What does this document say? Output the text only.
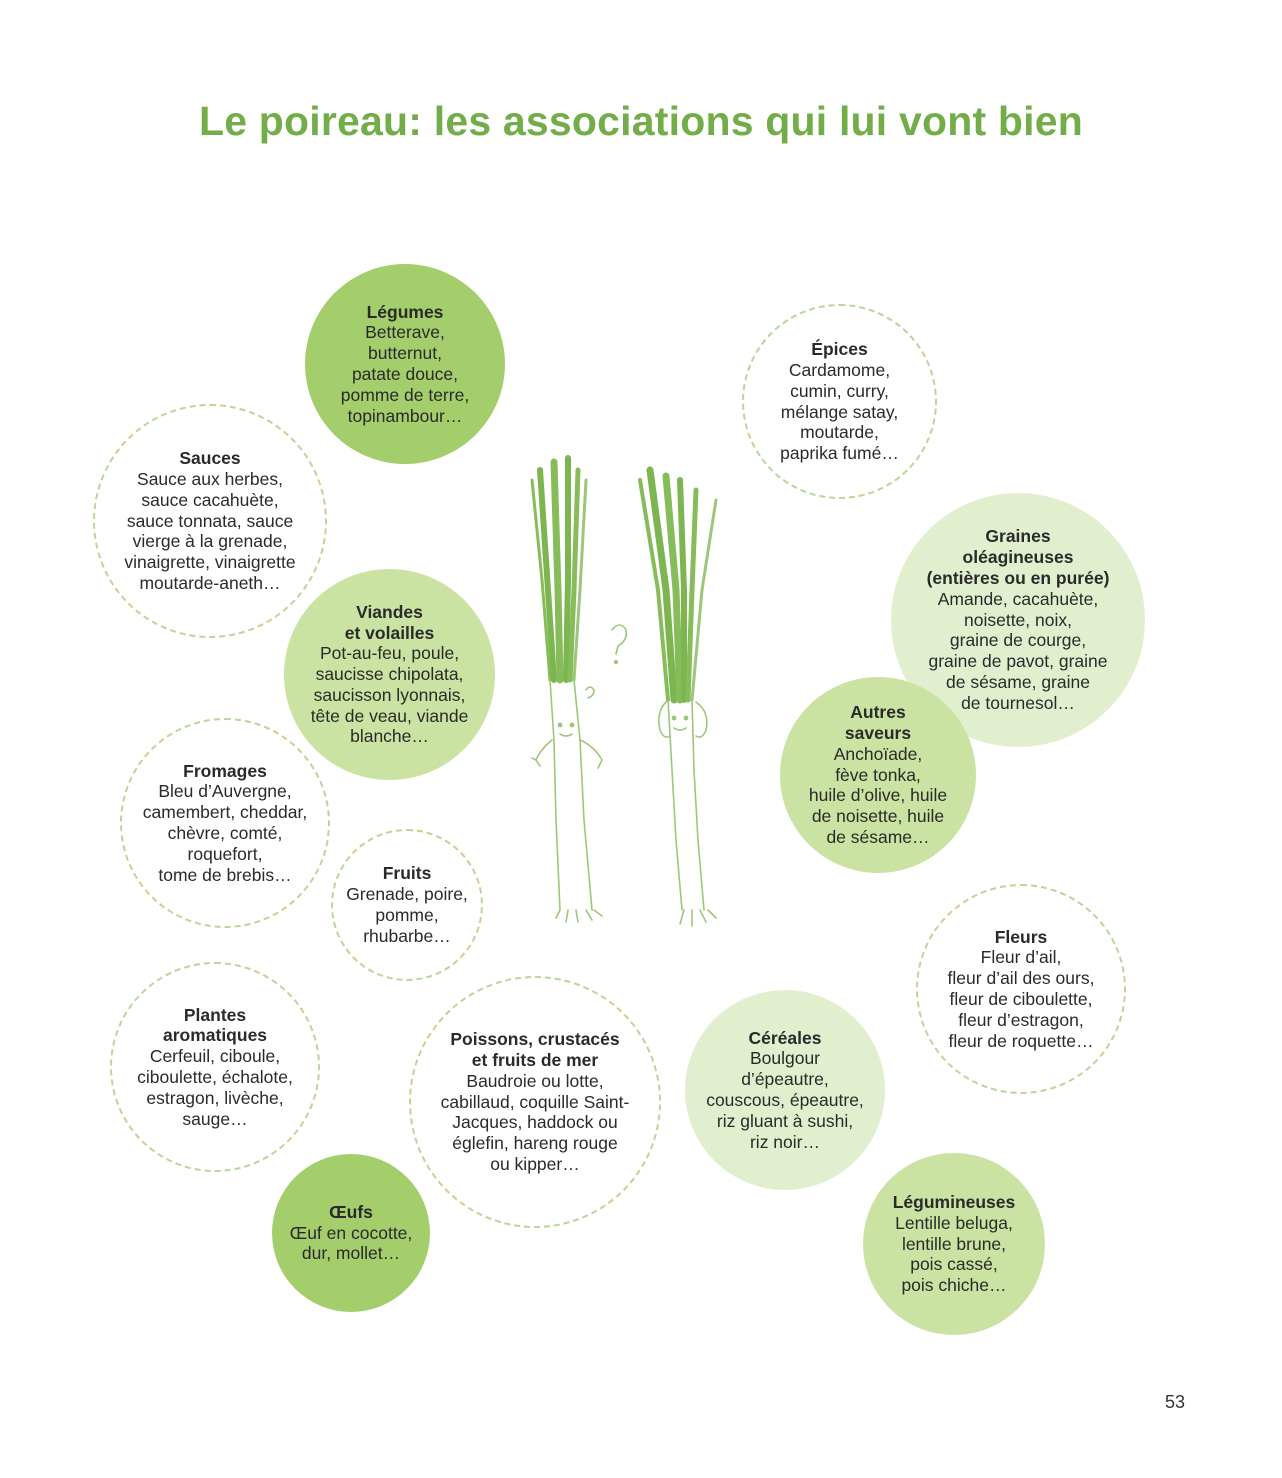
Le poireau: les associations qui lui vont bien
Légumes
Betterave,
butternut,
patate douce,
pomme de terre,
topinambour…
Épices
Cardamome,
cumin, curry,
mélange satay,
moutarde,
paprika fumé…
Sauces
Sauce aux herbes,
sauce cacahuète,
sauce tonnata, sauce
vierge à la grenade,
vinaigrette, vinaigrette
moutarde-aneth…
Graines
oléagineuses
(entières ou en purée)
Amande, cacahuète,
noisette, noix,
graine de courge,
graine de pavot, graine
de sésame, graine
de tournesol…
Viandes
et volailles
Pot-au-feu, poule,
saucisse chipolata,
saucisson lyonnais,
tête de veau, viande
blanche…
Autres
saveurs
Anchoïade,
fève tonka,
huile d’olive, huile
de noisette, huile
de sésame…
Fromages
Bleu d’Auvergne,
camembert, cheddar,
chèvre, comté,
roquefort,
tome de brebis…	Fruits
Grenade, poire,
pomme,
rhubarbe…	Fleurs
Fleur d’ail,
fleur d’ail des ours,
fleur de ciboulette,
fleur d’estragon,
fleur de roquette…
Plantes
aromatiques
Cerfeuil, ciboule,
ciboulette, échalote,
estragon, livèche,
sauge…
Poissons, crustacés
et fruits de mer
Baudroie ou lotte,
cabillaud, coquille Saint-
Jacques, haddock ou
églefin, hareng rouge
ou kipper…
Céréales
Boulgour
d’épeautre,
couscous, épeautre,
riz gluant à sushi,
riz noir…
Œufs
Œuf en cocotte,
dur, mollet…
Légumineuses
Lentille beluga,
lentille brune,
pois cassé,
pois chiche…
53
